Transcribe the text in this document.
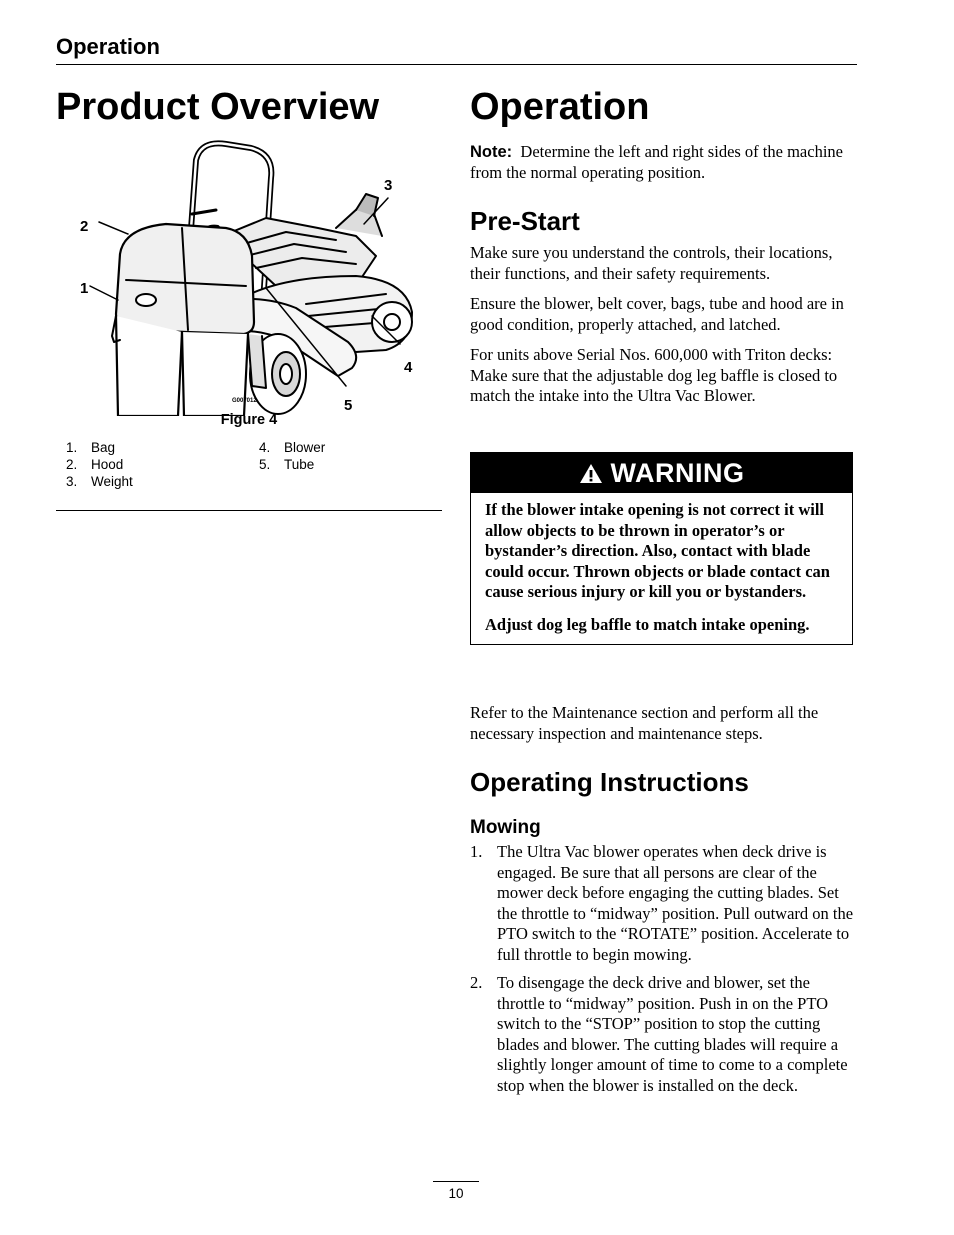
Operation
Product Overview
1
2
3
4
5
G007012
Figure 4
1. Bag
2. Hood
3. Weight
4. Blower
5. Tube
Operation

Note: Determine the left and right sides of the machine from the normal operating position.

Pre-Start

Make sure you understand the controls, their locations, their functions, and their safety requirements.

Ensure the blower, belt cover, bags, tube and hood are in good condition, properly attached, and latched.

For units above Serial Nos. 600,000 with Triton decks: Make sure that the adjustable dog leg baffle is closed to match the intake into the Ultra Vac Blower.

WARNING

If the blower intake opening is not correct it will allow objects to be thrown in operator’s or bystander’s direction. Also, contact with blade could occur. Thrown objects or blade contact can cause serious injury or kill you or bystanders.

Adjust dog leg baffle to match intake opening.

Refer to the Maintenance section and perform all the necessary inspection and maintenance steps.

Operating Instructions
Mowing
1. The Ultra Vac blower operates when deck drive is engaged. Be sure that all persons are clear of the mower deck before engaging the cutting blades. Set the throttle to “midway” position. Pull outward on the PTO switch to the “ROTATE” position. Accelerate to full throttle to begin mowing.
2. To disengage the deck drive and blower, set the throttle to “midway” position. Push in on the PTO switch to the “STOP” position to stop the cutting blades and blower. The cutting blades will require a slightly longer amount of time to come to a complete stop when the blower is installed on the deck.
10
